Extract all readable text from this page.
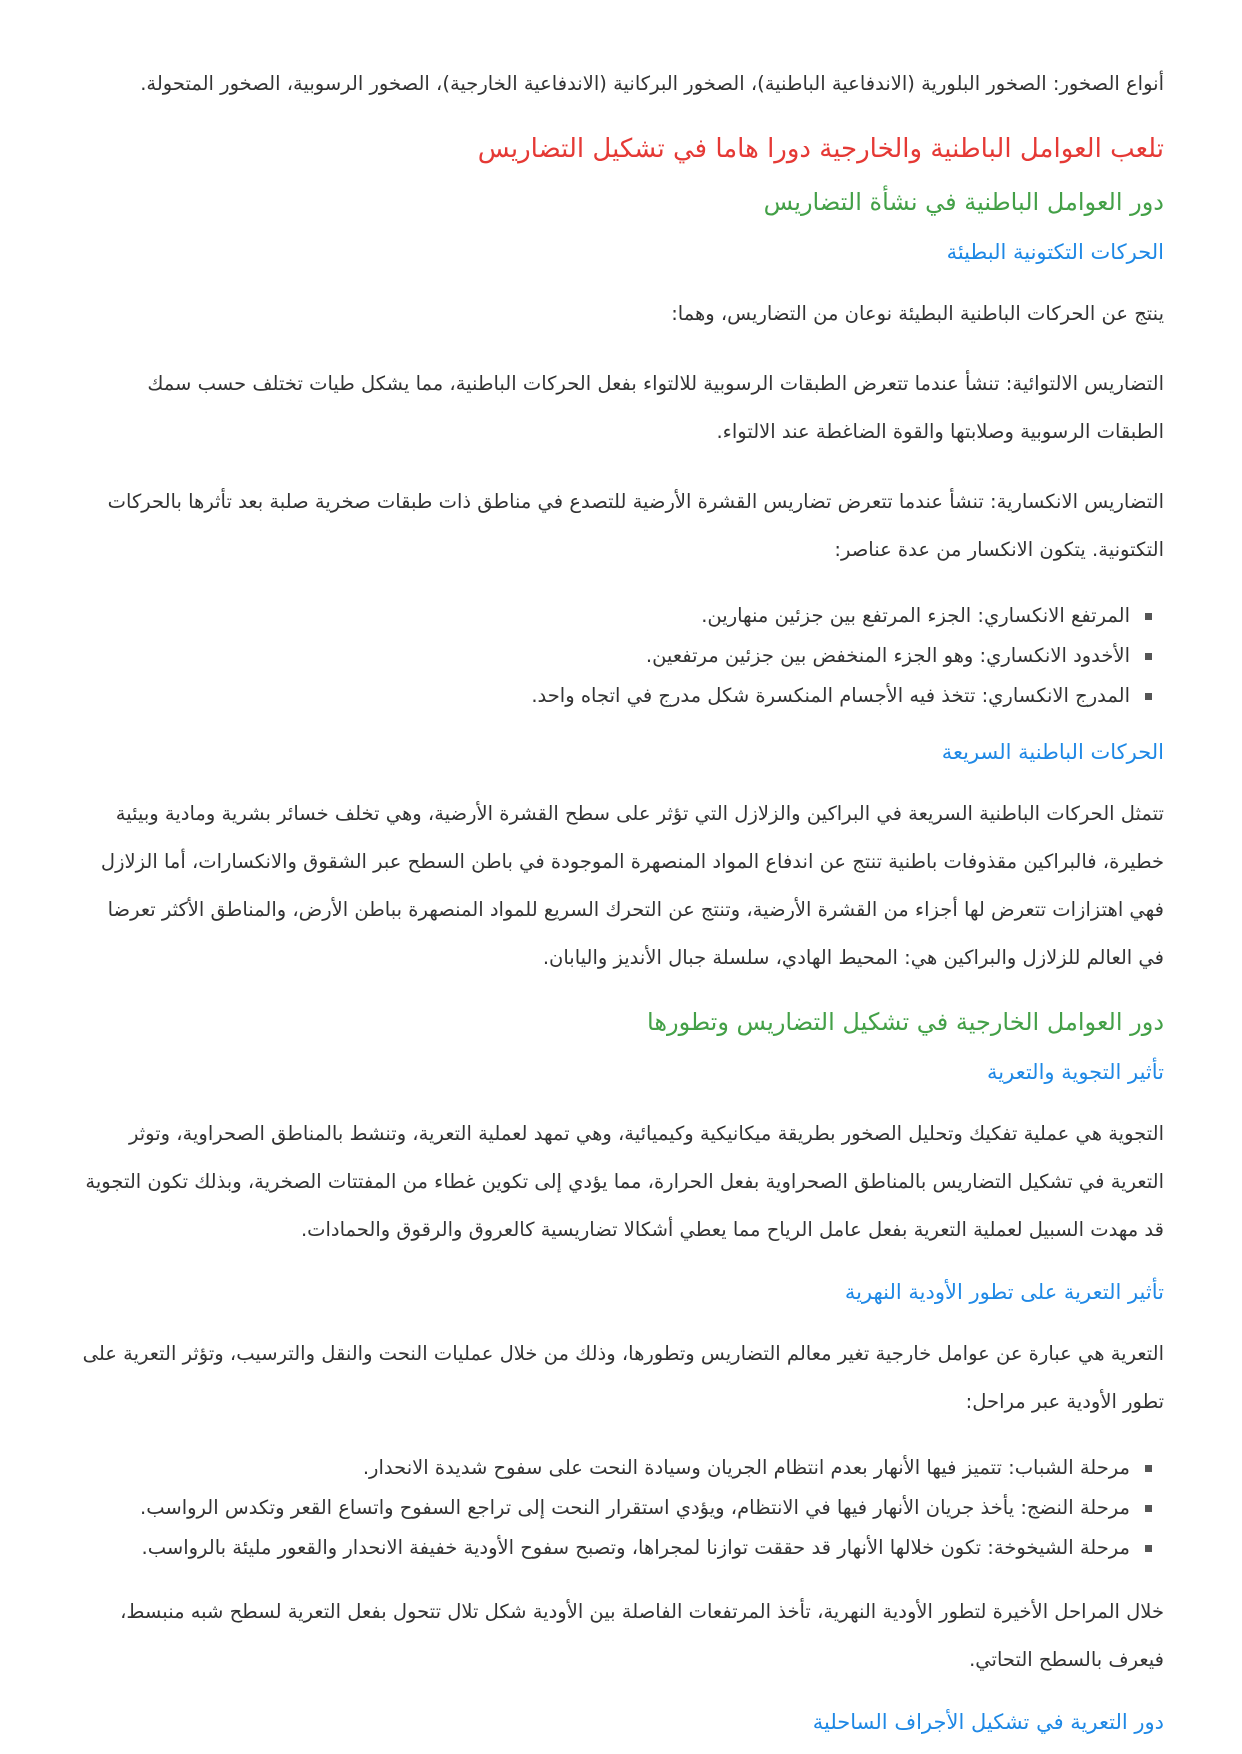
أنواع الصخور: الصخور البلورية (الاندفاعية الباطنية)، الصخور البركانية (الاندفاعية الخارجية)، الصخور الرسوبية، الصخور المتحولة.

تلعب العوامل الباطنية والخارجية دورا هاما في تشكيل التضاريس
دور العوامل الباطنية في نشأة التضاريس
الحركات التكتونية البطيئة

ينتج عن الحركات الباطنية البطيئة نوعان من التضاريس، وهما:

التضاريس الالتوائية: تنشأ عندما تتعرض الطبقات الرسوبية للالتواء بفعل الحركات الباطنية، مما يشكل طيات تختلف حسب سمك الطبقات الرسوبية وصلابتها والقوة الضاغطة عند الالتواء.

التضاريس الانكسارية: تنشأ عندما تتعرض تضاريس القشرة الأرضية للتصدع في مناطق ذات طبقات صخرية صلبة بعد تأثرها بالحركات التكتونية. يتكون الانكسار من عدة عناصر:

المرتفع الانكساري: الجزء المرتفع بين جزئين منهارين.
الأخدود الانكساري: وهو الجزء المنخفض بين جزئين مرتفعين.
المدرج الانكساري: تتخذ فيه الأجسام المنكسرة شكل مدرج في اتجاه واحد.
الحركات الباطنية السريعة

تتمثل الحركات الباطنية السريعة في البراكين والزلازل التي تؤثر على سطح القشرة الأرضية، وهي تخلف خسائر بشرية ومادية وبيئية خطيرة، فالبراكين مقذوفات باطنية تنتج عن اندفاع المواد المنصهرة الموجودة في باطن السطح عبر الشقوق والانكسارات، أما الزلازل فهي اهتزازات تتعرض لها أجزاء من القشرة الأرضية، وتنتج عن التحرك السريع للمواد المنصهرة بباطن الأرض، والمناطق الأكثر تعرضا في العالم للزلازل والبراكين هي: المحيط الهادي، سلسلة جبال الأنديز واليابان.

دور العوامل الخارجية في تشكيل التضاريس وتطورها
تأثير التجوية والتعرية

التجوية هي عملية تفكيك وتحليل الصخور بطريقة ميكانيكية وكيميائية، وهي تمهد لعملية التعرية، وتنشط بالمناطق الصحراوية، وتوثر التعرية في تشكيل التضاريس بالمناطق الصحراوية بفعل الحرارة، مما يؤدي إلى تكوين غطاء من المفتتات الصخرية، وبذلك تكون التجوية قد مهدت السبيل لعملية التعرية بفعل عامل الرياح مما يعطي أشكالا تضاريسية كالعروق والرقوق والحمادات.

تأثير التعرية على تطور الأودية النهرية

التعرية هي عبارة عن عوامل خارجية تغير معالم التضاريس وتطورها، وذلك من خلال عمليات النحت والنقل والترسيب، وتؤثر التعرية على تطور الأودية عبر مراحل:

مرحلة الشباب: تتميز فيها الأنهار بعدم انتظام الجريان وسيادة النحت على سفوح شديدة الانحدار.
مرحلة النضج: يأخذ جريان الأنهار فيها في الانتظام، ويؤدي استقرار النحت إلى تراجع السفوح واتساع القعر وتكدس الرواسب.
مرحلة الشيخوخة: تكون خلالها الأنهار قد حققت توازنا لمجراها، وتصبح سفوح الأودية خفيفة الانحدار والقعور مليئة بالرواسب.

خلال المراحل الأخيرة لتطور الأودية النهرية، تأخذ المرتفعات الفاصلة بين الأودية شكل تلال تتحول بفعل التعرية لسطح شبه منبسط، فيعرف بالسطح التحاتي.

دور التعرية في تشكيل الأجراف الساحلية
